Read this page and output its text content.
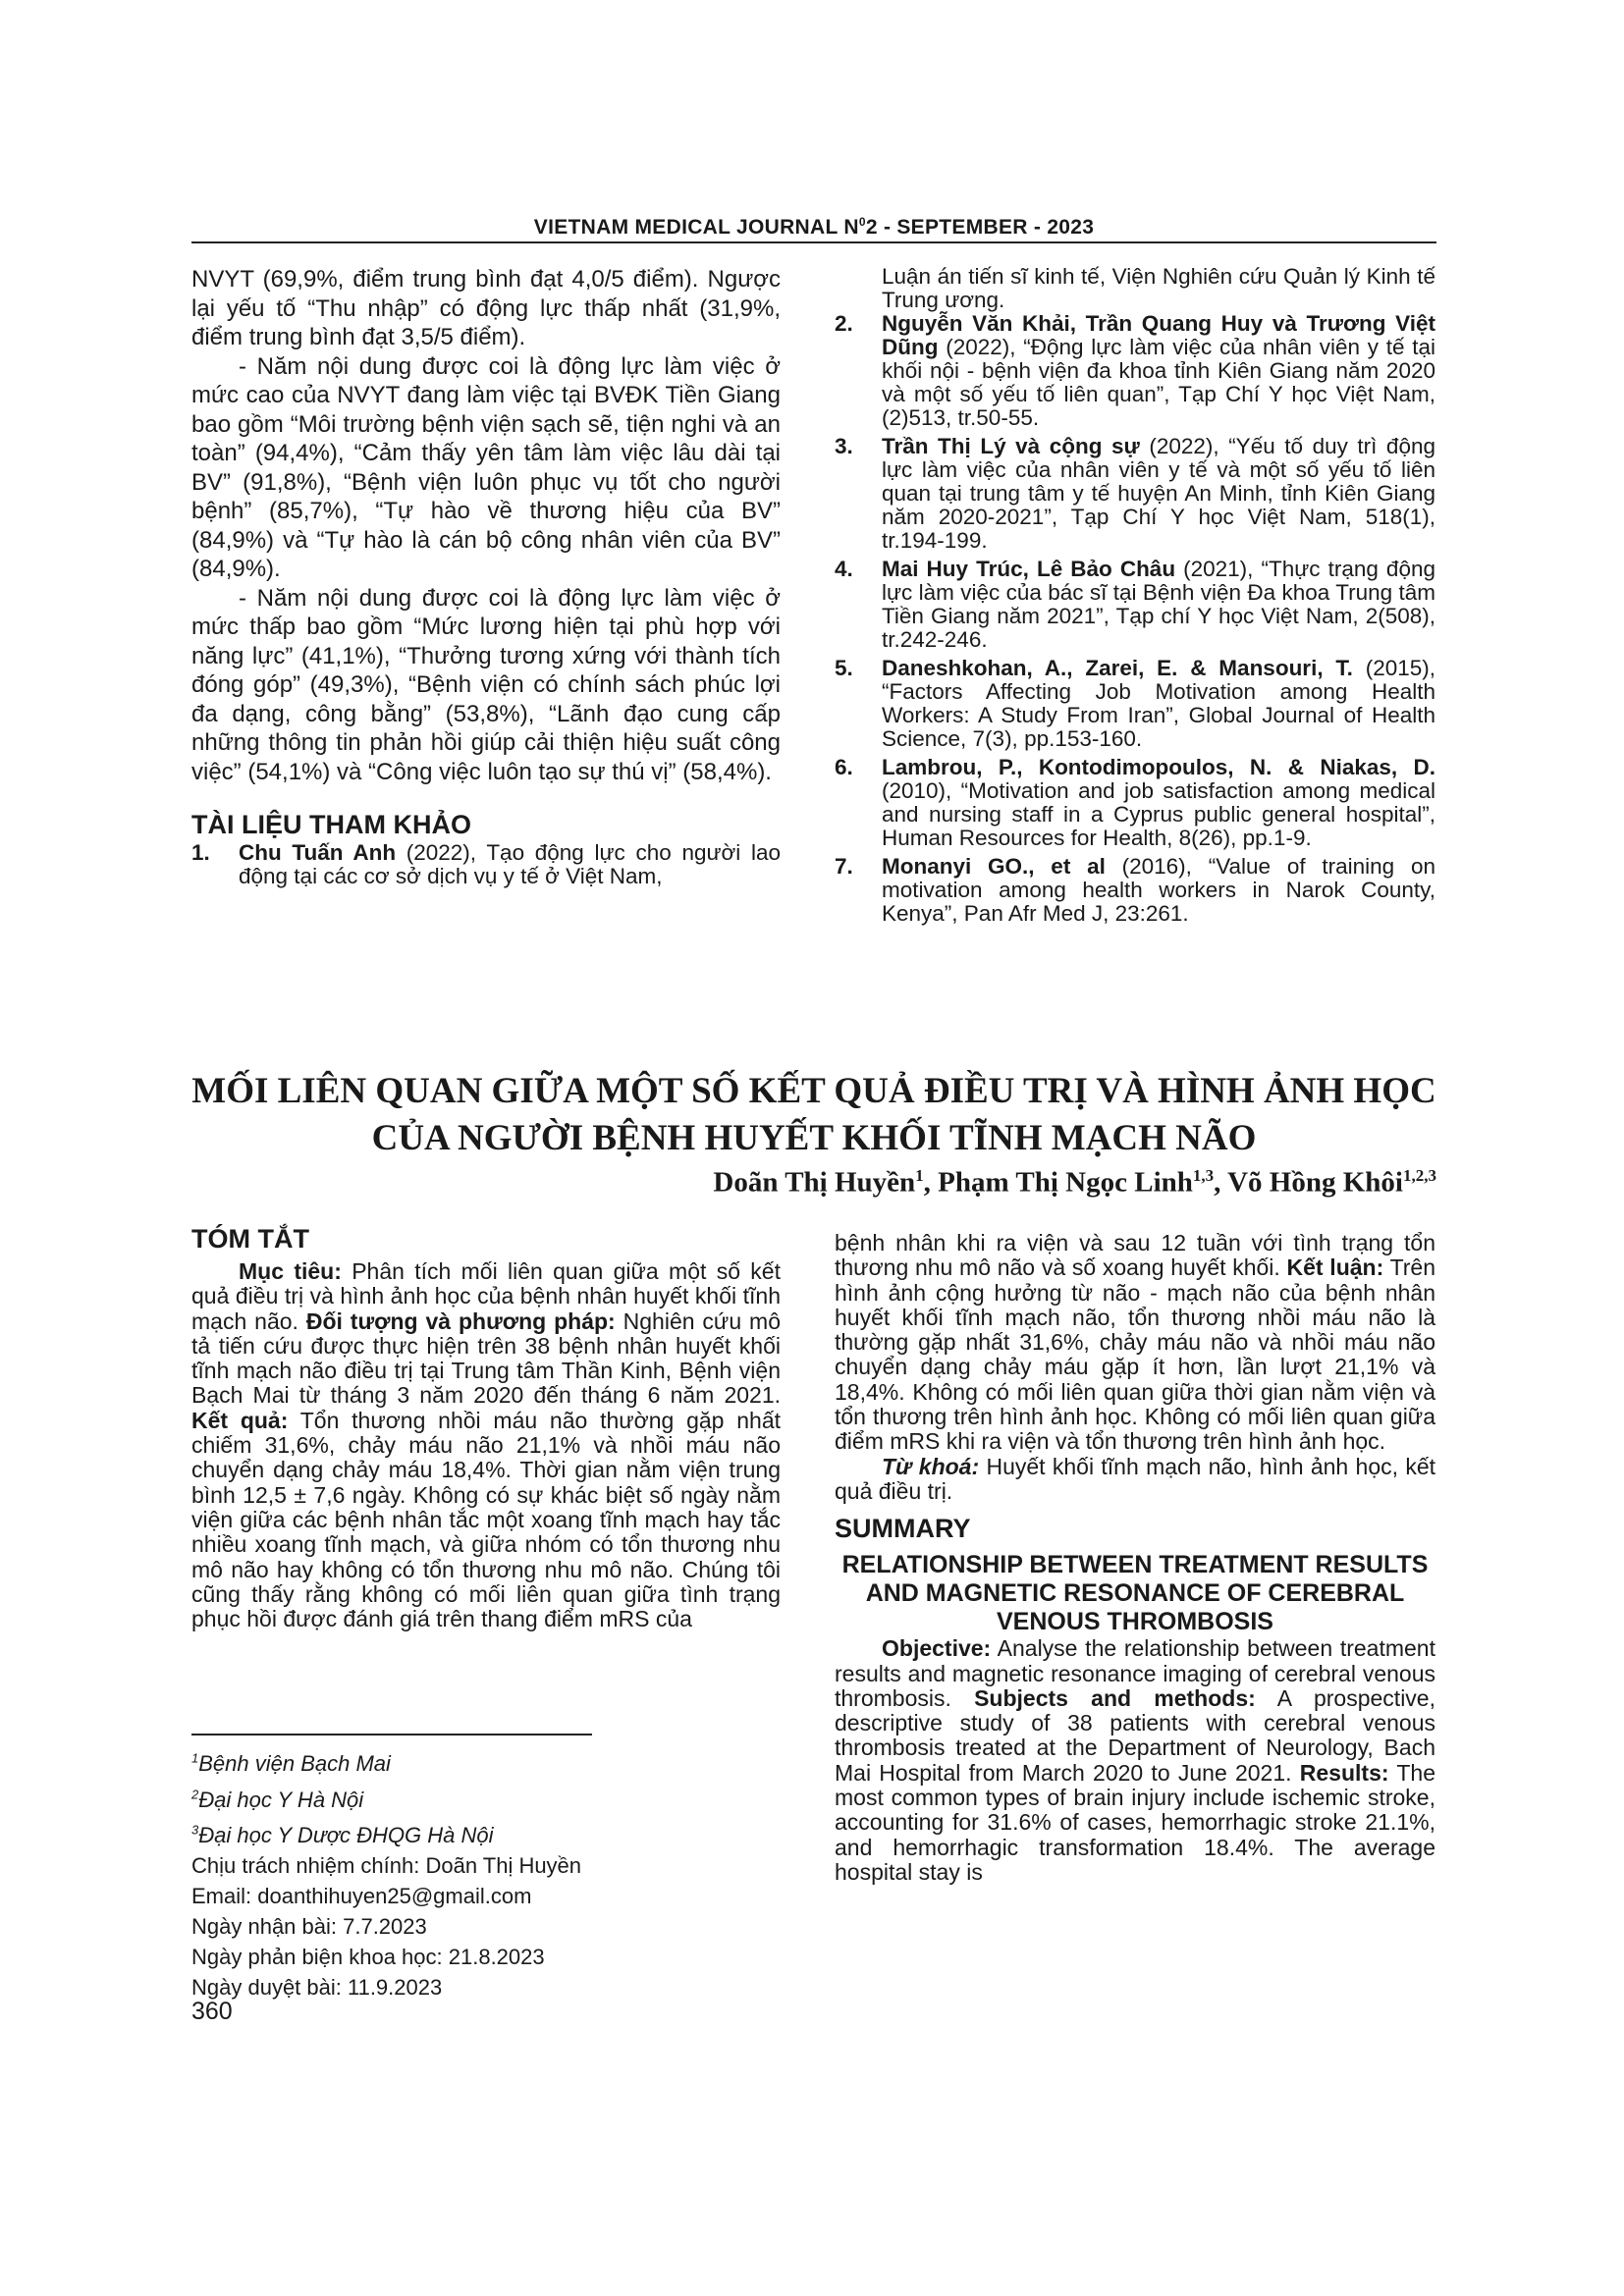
VIETNAM MEDICAL JOURNAL $N^02$ - SEPTEMBER - 2023

NVYT (69,9%, điểm trung bình đạt 4,0/5 điểm). Ngược lại yếu tố “Thu nhập” có động lực thấp nhất (31,9%, điểm trung bình đạt 3,5/5 điểm).

- Năm nội dung được coi là động lực làm việc ở mức cao của NVYT đang làm việc tại BVĐK Tiền Giang bao gồm “Môi trường bệnh viện sạch sẽ, tiện nghi và an toàn” (94,4%), “Cảm thấy yên tâm làm việc lâu dài tại BV” (91,8%), “Bệnh viện luôn phục vụ tốt cho người bệnh” (85,7%), “Tự hào về thương hiệu của BV” (84,9%) và “Tự hào là cán bộ công nhân viên của BV” (84,9%).

- Năm nội dung được coi là động lực làm việc ở mức thấp bao gồm “Mức lương hiện tại phù hợp với năng lực” (41,1%), “Thưởng tương xứng với thành tích đóng góp” (49,3%), “Bệnh viện có chính sách phúc lợi đa dạng, công bằng” (53,8%), “Lãnh đạo cung cấp những thông tin phản hồi giúp cải thiện hiệu suất công việc” (54,1%) và “Công việc luôn tạo sự thú vị” (58,4%).

TÀI LIỆU THAM KHẢO
1. Chu Tuấn Anh (2022), Tạo động lực cho người lao động tại các cơ sở dịch vụ y tế ở Việt Nam,
Luận án tiến sĩ kinh tế, Viện Nghiên cứu Quản lý Kinh tế Trung ương.
2. Nguyễn Văn Khải, Trần Quang Huy và Trương Việt Dũng (2022), “Động lực làm việc của nhân viên y tế tại khối nội - bệnh viện đa khoa tỉnh Kiên Giang năm 2020 và một số yếu tố liên quan”, Tạp Chí Y học Việt Nam, (2)513, tr.50-55.
3. Trần Thị Lý và cộng sự (2022), “Yếu tố duy trì động lực làm việc của nhân viên y tế và một số yếu tố liên quan tại trung tâm y tế huyện An Minh, tỉnh Kiên Giang năm 2020-2021”, Tạp Chí Y học Việt Nam, 518(1), tr.194-199.
4. Mai Huy Trúc, Lê Bảo Châu (2021), “Thực trạng động lực làm việc của bác sĩ tại Bệnh viện Đa khoa Trung tâm Tiền Giang năm 2021”, Tạp chí Y học Việt Nam, 2(508), tr.242-246.
5. Daneshkohan, A., Zarei, E. & Mansouri, T. (2015), “Factors Affecting Job Motivation among Health Workers: A Study From Iran”, Global Journal of Health Science, 7(3), pp.153-160.
6. Lambrou, P., Kontodimopoulos, N. & Niakas, D. (2010), “Motivation and job satisfaction among medical and nursing staff in a Cyprus public general hospital”, Human Resources for Health, 8(26), pp.1-9.
7. Monanyi GO., et al (2016), “Value of training on motivation among health workers in Narok County, Kenya”, Pan Afr Med J, 23:261.
MỐI LIÊN QUAN GIỮA MỘT SỐ KẾT QUẢ ĐIỀU TRỊ VÀ HÌNH ẢNH HỌC
CỦA NGƯỜI BỆNH HUYẾT KHỐI TĨNH MẠCH NÃO
Doãn Thị Huyền$^1$, Phạm Thị Ngọc Linh$^{1,3}$, Võ Hồng Khôi$^{1,2,3}$
TÓM TẮT

Mục tiêu: Phân tích mối liên quan giữa một số kết quả điều trị và hình ảnh học của bệnh nhân huyết khối tĩnh mạch não. Đối tượng và phương pháp: Nghiên cứu mô tả tiến cứu được thực hiện trên 38 bệnh nhân huyết khối tĩnh mạch não điều trị tại Trung tâm Thần Kinh, Bệnh viện Bạch Mai từ tháng 3 năm 2020 đến tháng 6 năm 2021. Kết quả: Tổn thương nhồi máu não thường gặp nhất chiếm 31,6%, chảy máu não 21,1% và nhồi máu não chuyển dạng chảy máu 18,4%. Thời gian nằm viện trung bình 12,5 ± 7,6 ngày. Không có sự khác biệt số ngày nằm viện giữa các bệnh nhân tắc một xoang tĩnh mạch hay tắc nhiều xoang tĩnh mạch, và giữa nhóm có tổn thương nhu mô não hay không có tổn thương nhu mô não. Chúng tôi cũng thấy rằng không có mối liên quan giữa tình trạng phục hồi được đánh giá trên thang điểm mRS của

bệnh nhân khi ra viện và sau 12 tuần với tình trạng tổn thương nhu mô não và số xoang huyết khối. Kết luận: Trên hình ảnh cộng hưởng từ não - mạch não của bệnh nhân huyết khối tĩnh mạch não, tổn thương nhồi máu não là thường gặp nhất 31,6%, chảy máu não và nhồi máu não chuyển dạng chảy máu gặp ít hơn, lần lượt 21,1% và 18,4%. Không có mối liên quan giữa thời gian nằm viện và tổn thương trên hình ảnh học. Không có mối liên quan giữa điểm mRS khi ra viện và tổn thương trên hình ảnh học.

Từ khoá: Huyết khối tĩnh mạch não, hình ảnh học, kết quả điều trị.

SUMMARY
RELATIONSHIP BETWEEN TREATMENT RESULTS AND MAGNETIC RESONANCE OF CEREBRAL VENOUS THROMBOSIS

Objective: Analyse the relationship between treatment results and magnetic resonance imaging of cerebral venous thrombosis. Subjects and methods: A prospective, descriptive study of 38 patients with cerebral venous thrombosis treated at the Department of Neurology, Bach Mai Hospital from March 2020 to June 2021. Results: The most common types of brain injury include ischemic stroke, accounting for 31.6% of cases, hemorrhagic stroke 21.1%, and hemorrhagic transformation 18.4%. The average hospital stay is

$^1$Bệnh viện Bạch Mai
$^2$Đại học Y Hà Nội
$^3$Đại học Y Dược ĐHQG Hà Nội
Chịu trách nhiệm chính: Doãn Thị Huyền
Email: doanthihuyen25@gmail.com
Ngày nhận bài: 7.7.2023
Ngày phản biện khoa học: 21.8.2023
Ngày duyệt bài: 11.9.2023
360
